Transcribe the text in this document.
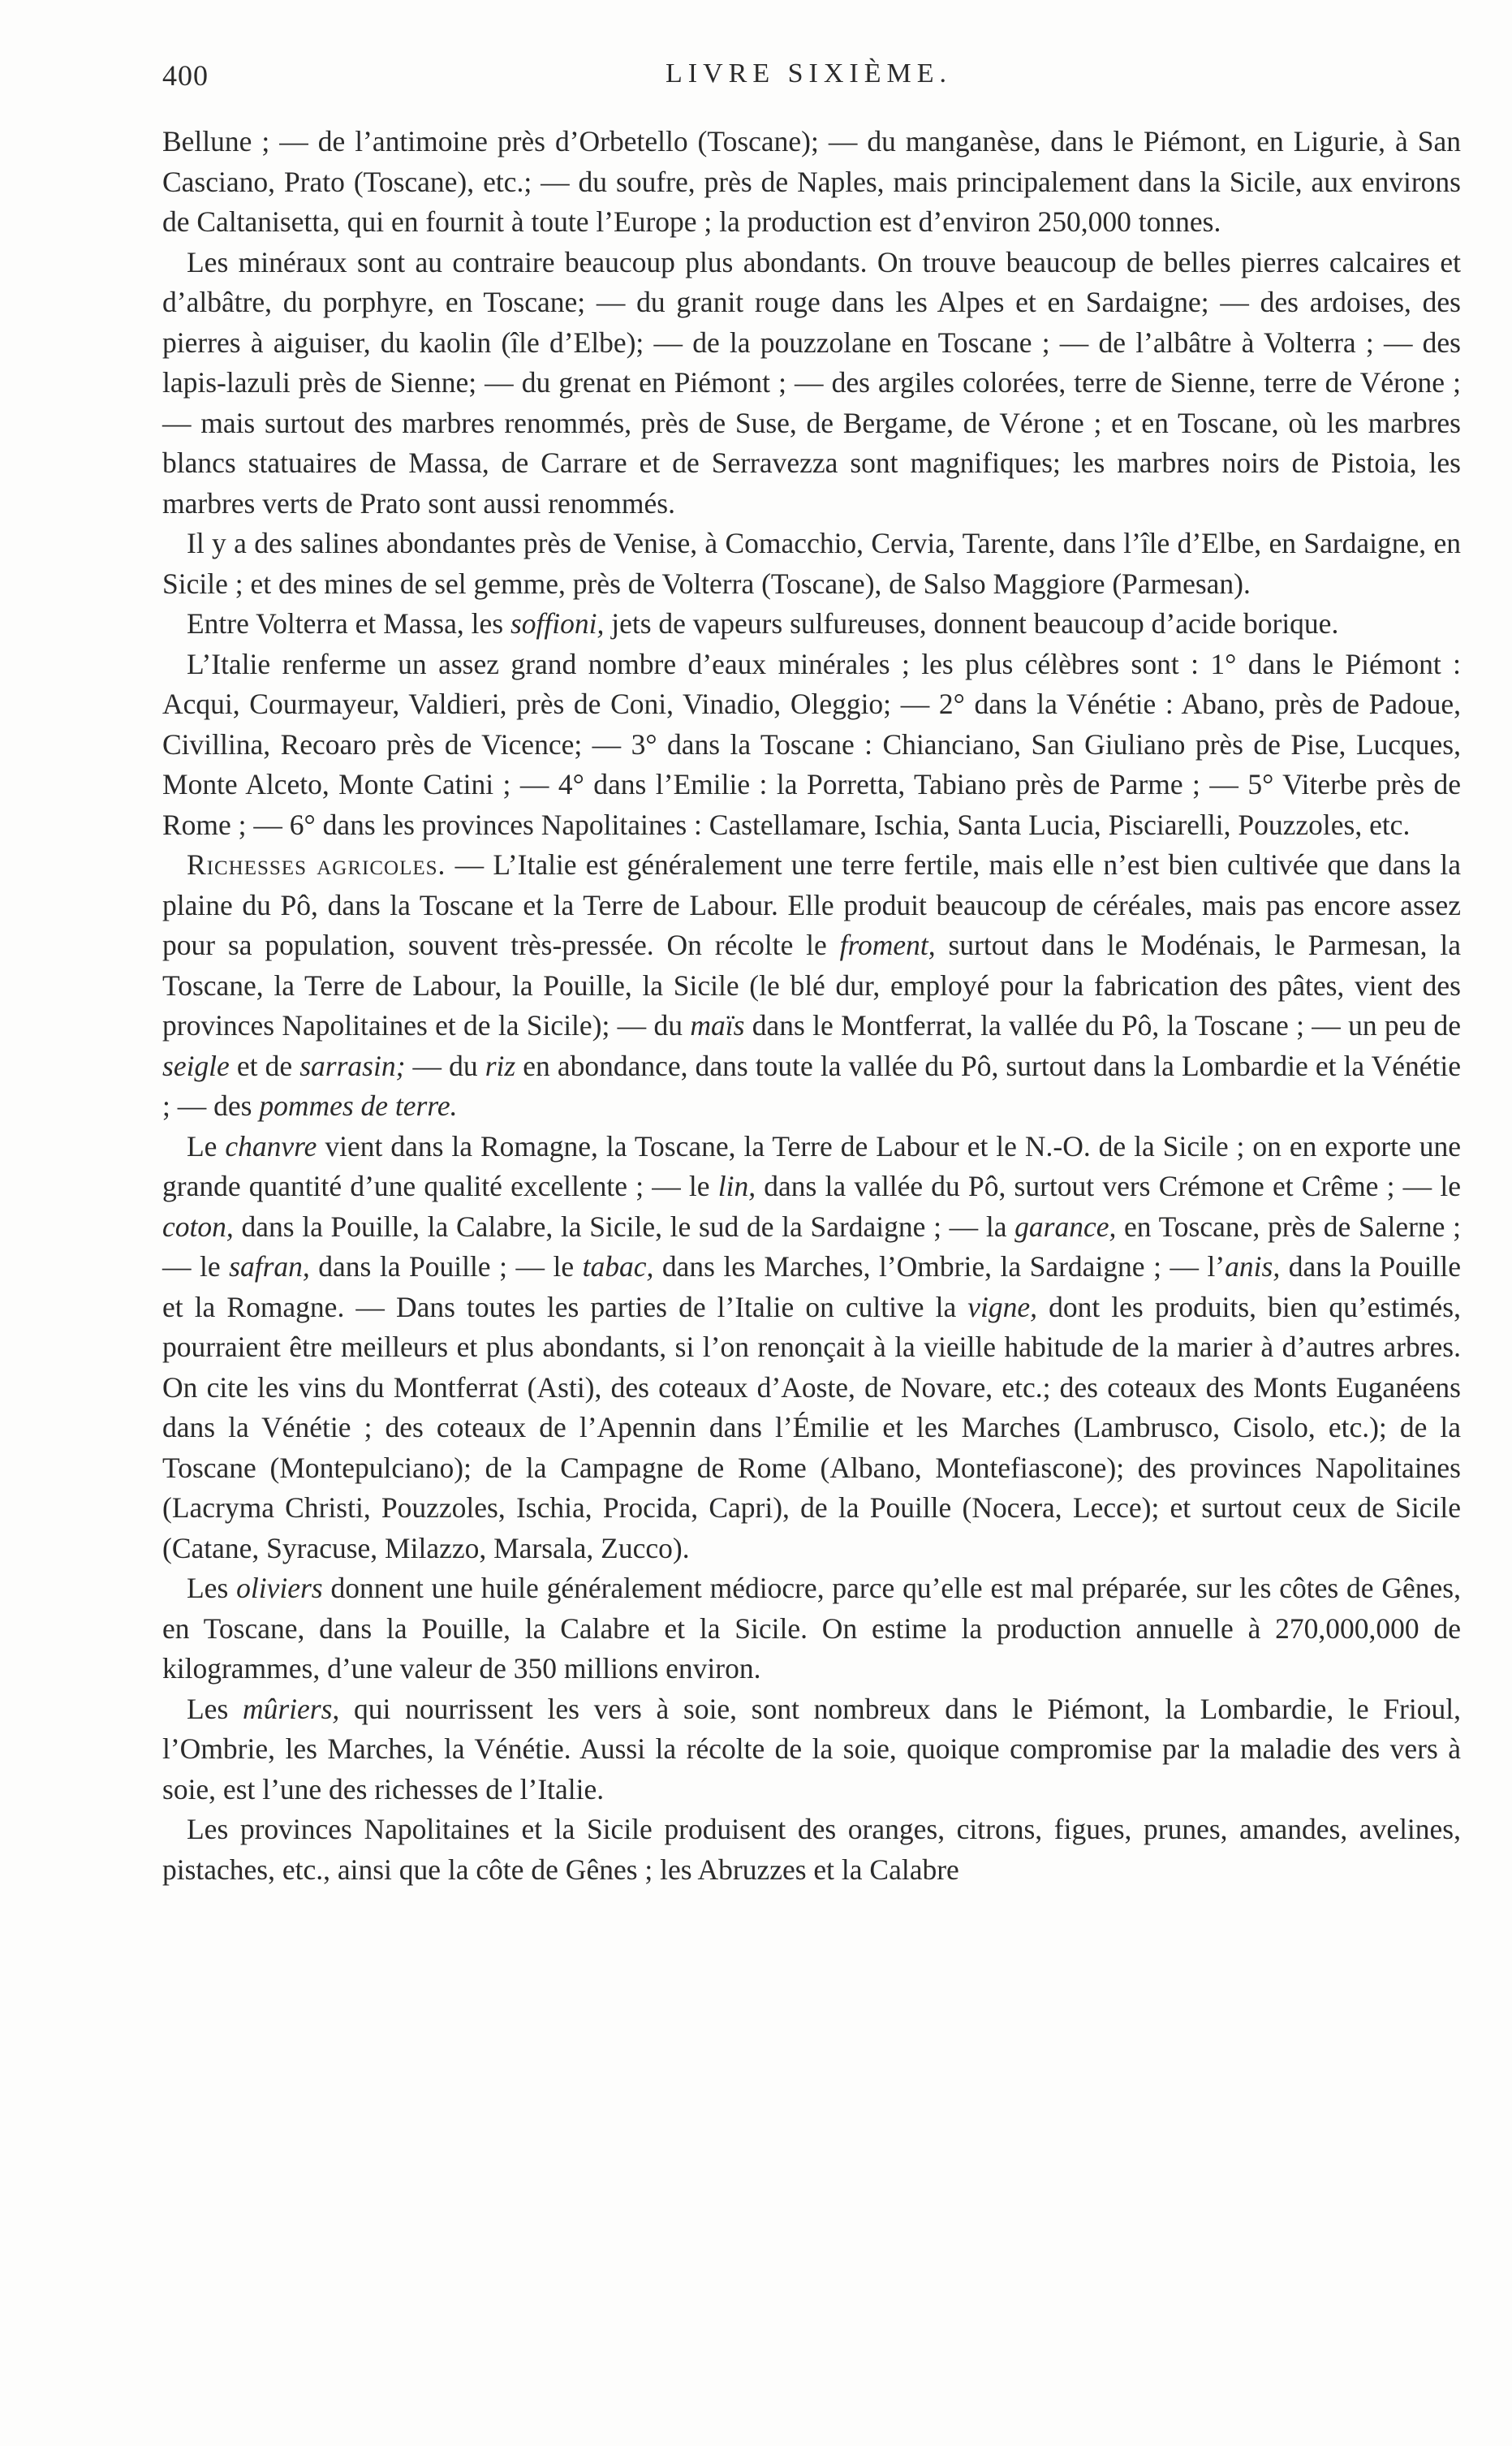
400	LIVRE SIXIÈME.

Bellune ; — de l’antimoine près d’Orbetello (Toscane); — du manganèse, dans le Piémont, en Ligurie, à San Casciano, Prato (Toscane), etc.; — du soufre, près de Naples, mais principalement dans la Sicile, aux environs de Caltanisetta, qui en fournit à toute l’Europe ; la production est d’environ 250,000 tonnes.

Les minéraux sont au contraire beaucoup plus abondants. On trouve beaucoup de belles pierres calcaires et d’albâtre, du porphyre, en Toscane; — du granit rouge dans les Alpes et en Sardaigne; — des ardoises, des pierres à aiguiser, du kaolin (île d’Elbe); — de la pouzzolane en Toscane ; — de l’albâtre à Volterra ; — des lapis-lazuli près de Sienne; — du grenat en Piémont ; — des argiles colorées, terre de Sienne, terre de Vérone ; — mais surtout des marbres renommés, près de Suse, de Bergame, de Vérone ; et en Toscane, où les marbres blancs statuaires de Massa, de Carrare et de Serravezza sont magnifiques; les marbres noirs de Pistoia, les marbres verts de Prato sont aussi renommés.

Il y a des salines abondantes près de Venise, à Comacchio, Cervia, Tarente, dans l’île d’Elbe, en Sardaigne, en Sicile ; et des mines de sel gemme, près de Volterra (Toscane), de Salso Maggiore (Parmesan).

Entre Volterra et Massa, les soffioni, jets de vapeurs sulfureuses, donnent beaucoup d’acide borique.

L’Italie renferme un assez grand nombre d’eaux minérales ; les plus célèbres sont : 1° dans le Piémont : Acqui, Courmayeur, Valdieri, près de Coni, Vinadio, Oleggio; — 2° dans la Vénétie : Abano, près de Padoue, Civillina, Recoaro près de Vicence; — 3° dans la Toscane : Chianciano, San Giuliano près de Pise, Lucques, Monte Alceto, Monte Catini ; — 4° dans l’Emilie : la Porretta, Tabiano près de Parme ; — 5° Viterbe près de Rome ; — 6° dans les provinces Napolitaines : Castellamare, Ischia, Santa Lucia, Pisciarelli, Pouzzoles, etc.

Richesses agricoles. — L’Italie est généralement une terre fertile, mais elle n’est bien cultivée que dans la plaine du Pô, dans la Toscane et la Terre de Labour. Elle produit beaucoup de céréales, mais pas encore assez pour sa population, souvent très-pressée. On récolte le froment, surtout dans le Modénais, le Parmesan, la Toscane, la Terre de Labour, la Pouille, la Sicile (le blé dur, employé pour la fabrication des pâtes, vient des provinces Napolitaines et de la Sicile); — du maïs dans le Montferrat, la vallée du Pô, la Toscane ; — un peu de seigle et de sarrasin; — du riz en abondance, dans toute la vallée du Pô, surtout dans la Lombardie et la Vénétie ; — des pommes de terre.

Le chanvre vient dans la Romagne, la Toscane, la Terre de Labour et le N.-O. de la Sicile ; on en exporte une grande quantité d’une qualité excellente ; — le lin, dans la vallée du Pô, surtout vers Crémone et Crême ; — le coton, dans la Pouille, la Calabre, la Sicile, le sud de la Sardaigne ; — la garance, en Toscane, près de Salerne ; — le safran, dans la Pouille ; — le tabac, dans les Marches, l’Ombrie, la Sardaigne ; — l’anis, dans la Pouille et la Romagne. — Dans toutes les parties de l’Italie on cultive la vigne, dont les produits, bien qu’estimés, pourraient être meilleurs et plus abondants, si l’on renonçait à la vieille habitude de la marier à d’autres arbres. On cite les vins du Montferrat (Asti), des coteaux d’Aoste, de Novare, etc.; des coteaux des Monts Euganéens dans la Vénétie ; des coteaux de l’Apennin dans l’Émilie et les Marches (Lambrusco, Cisolo, etc.); de la Toscane (Montepulciano); de la Campagne de Rome (Albano, Montefiascone); des provinces Napolitaines (Lacryma Christi, Pouzzoles, Ischia, Procida, Capri), de la Pouille (Nocera, Lecce); et surtout ceux de Sicile (Catane, Syracuse, Milazzo, Marsala, Zucco).

Les oliviers donnent une huile généralement médiocre, parce qu’elle est mal préparée, sur les côtes de Gênes, en Toscane, dans la Pouille, la Calabre et la Sicile. On estime la production annuelle à 270,000,000 de kilogrammes, d’une valeur de 350 millions environ.

Les mûriers, qui nourrissent les vers à soie, sont nombreux dans le Piémont, la Lombardie, le Frioul, l’Ombrie, les Marches, la Vénétie. Aussi la récolte de la soie, quoique compromise par la maladie des vers à soie, est l’une des richesses de l’Italie.

Les provinces Napolitaines et la Sicile produisent des oranges, citrons, figues, prunes, amandes, avelines, pistaches, etc., ainsi que la côte de Gênes ; les Abruzzes et la Calabre
